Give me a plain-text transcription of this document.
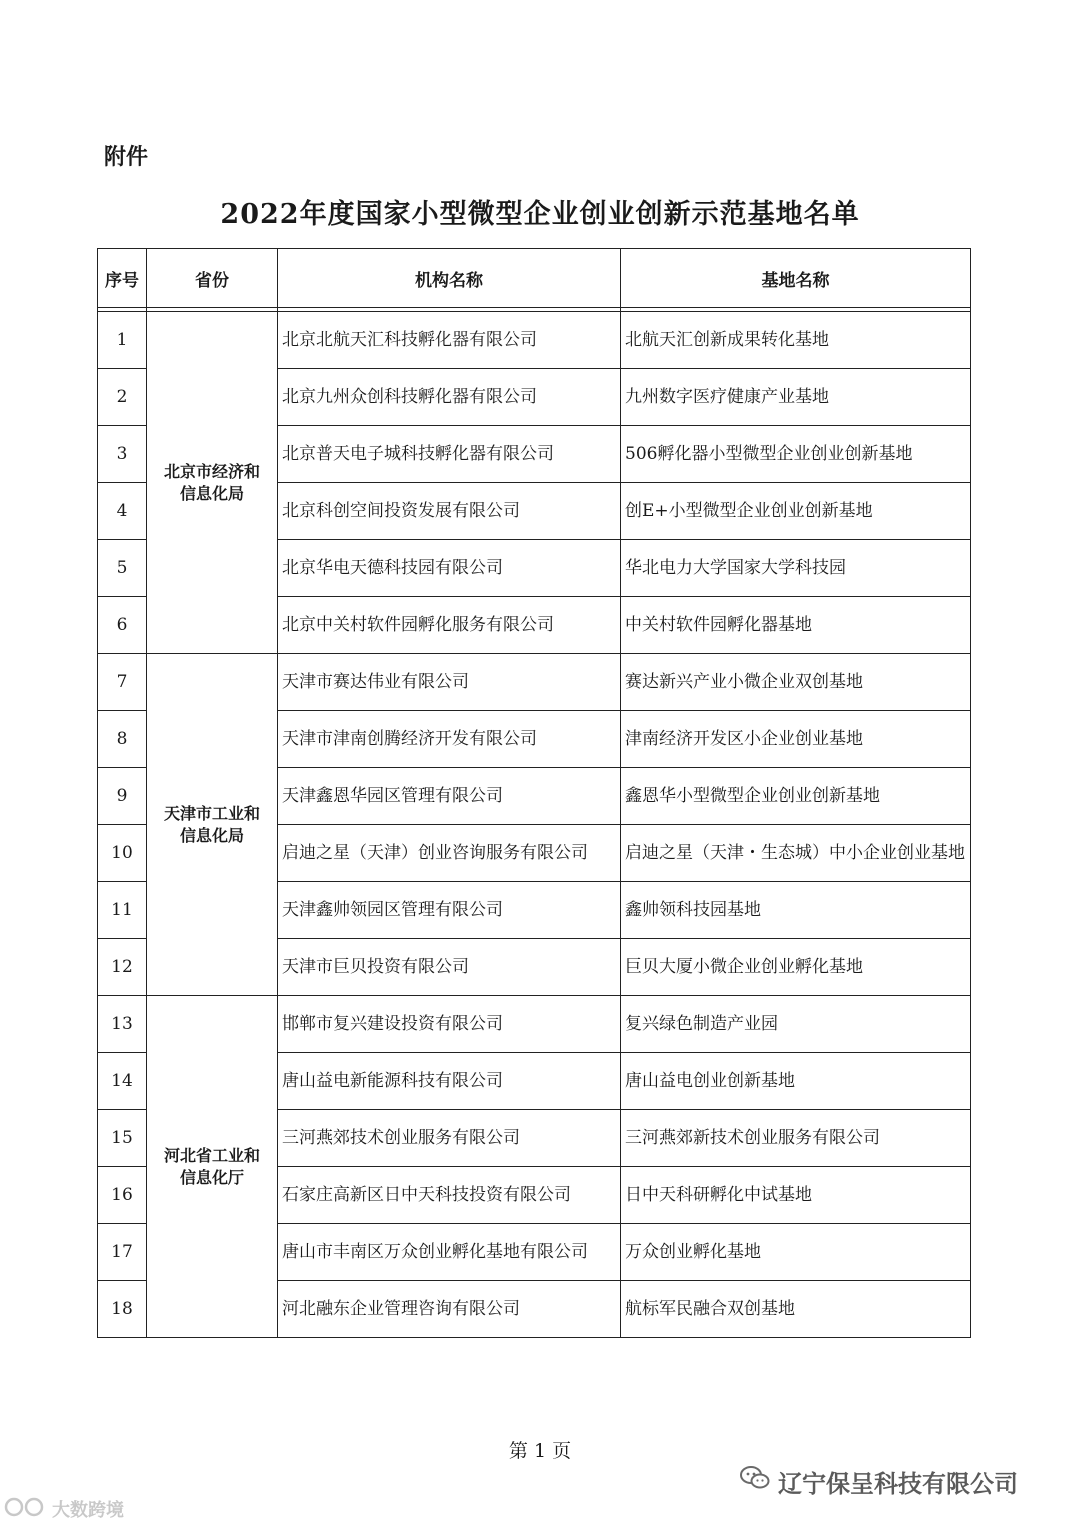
附件
2022年度国家小型微型企业创业创新示范基地名单
序号	省份	机构名称	基地名称

1	北京市经济和
信息化局	北京北航天汇科技孵化器有限公司	北航天汇创新成果转化基地
2		北京九州众创科技孵化器有限公司	九州数字医疗健康产业基地
3		北京普天电子城科技孵化器有限公司	506孵化器小型微型企业创业创新基地
4		北京科创空间投资发展有限公司	创E+小型微型企业创业创新基地
5		北京华电天德科技园有限公司	华北电力大学国家大学科技园
6		北京中关村软件园孵化服务有限公司	中关村软件园孵化器基地
7	天津市工业和
信息化局	天津市赛达伟业有限公司	赛达新兴产业小微企业双创基地
8		天津市津南创腾经济开发有限公司	津南经济开发区小企业创业基地
9		天津鑫恩华园区管理有限公司	鑫恩华小型微型企业创业创新基地
10		启迪之星（天津）创业咨询服务有限公司	启迪之星（天津・生态城）中小企业创业基地
11		天津鑫帅领园区管理有限公司	鑫帅领科技园基地
12		天津市巨贝投资有限公司	巨贝大厦小微企业创业孵化基地
13	河北省工业和
信息化厅	邯郸市复兴建设投资有限公司	复兴绿色制造产业园
14		唐山益电新能源科技有限公司	唐山益电创业创新基地
15		三河燕郊技术创业服务有限公司	三河燕郊新技术创业服务有限公司
16		石家庄高新区日中天科技投资有限公司	日中天科研孵化中试基地
17		唐山市丰南区万众创业孵化基地有限公司	万众创业孵化基地
18		河北融东企业管理咨询有限公司	航标军民融合双创基地
第 1 页
辽宁保呈科技有限公司
大数跨境
